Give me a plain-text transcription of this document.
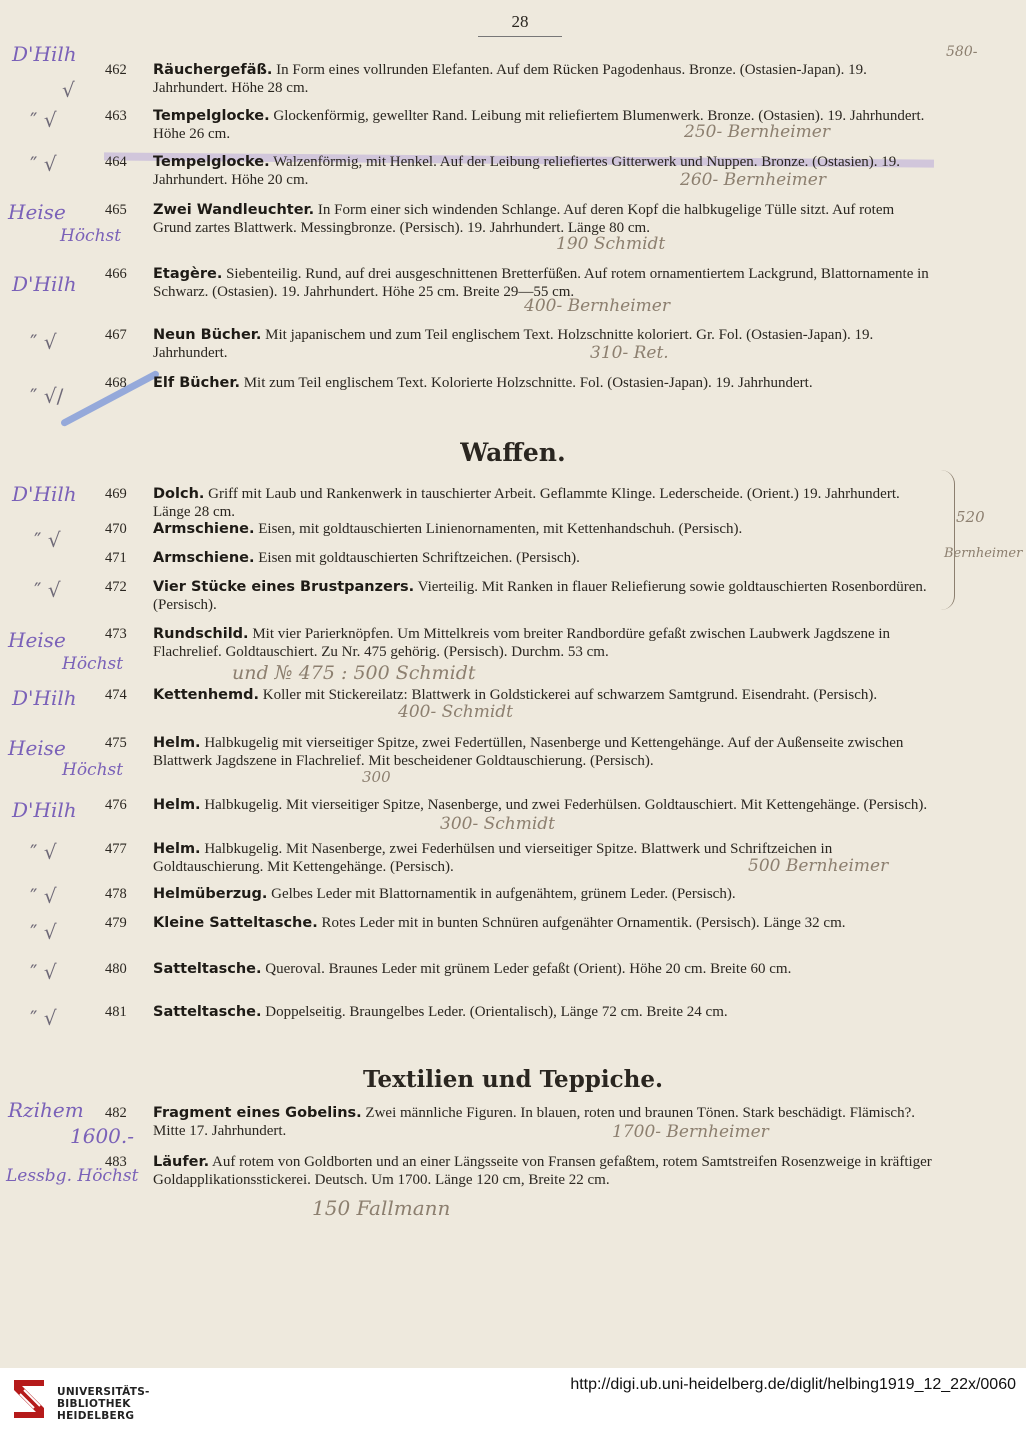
28
D'Hilh
Heise
Höchst
D'Hilh
D'Hilh
Heise
Höchst
D'Hilh
Heise
Höchst
D'Hilh
Rzihem
1600.-
Lessbg. Höchst
√
″ √
″ √
″ √
″ √/
″ √
″ √
″ √
″ √
″ √
″ √
″ √
462	Räuchergefäß. In Form eines vollrunden Elefanten. Auf dem Rücken Pagodenhaus. Bronze. (Ostasien-Japan). 19. Jahrhundert. Höhe 28 cm.
463	Tempelglocke. Glockenförmig, gewellter Rand. Leibung mit reliefiertem Blumenwerk. Bronze. (Ostasien). 19. Jahrhundert. Höhe 26 cm.
464	Tempelglocke. Walzenförmig, mit Henkel. Auf der Leibung reliefiertes Gitterwerk und Nuppen. Bronze. (Ostasien). 19. Jahrhundert. Höhe 20 cm.
465	Zwei Wandleuchter. In Form einer sich windenden Schlange. Auf deren Kopf die halbkugelige Tülle sitzt. Auf rotem Grund zartes Blattwerk. Messingbronze. (Persisch). 19. Jahrhundert. Länge 80 cm.
466	Etagère. Siebenteilig. Rund, auf drei ausgeschnittenen Bretterfüßen. Auf rotem ornamentiertem Lackgrund, Blattornamente in Schwarz. (Ostasien). 19. Jahrhundert. Höhe 25 cm. Breite 29—55 cm.
467	Neun Bücher. Mit japanischem und zum Teil englischem Text. Holzschnitte koloriert. Gr. Fol. (Ostasien-Japan). 19. Jahrhundert.
468	Elf Bücher. Mit zum Teil englischem Text. Kolorierte Holzschnitte. Fol. (Ostasien-Japan). 19. Jahrhundert.
Waffen.
469	Dolch. Griff mit Laub und Rankenwerk in tauschierter Arbeit. Geflammte Klinge. Lederscheide. (Orient.) 19. Jahrhundert. Länge 28 cm.
470	Armschiene. Eisen, mit goldtauschierten Linienornamenten, mit Kettenhandschuh. (Persisch).
471	Armschiene. Eisen mit goldtauschierten Schriftzeichen. (Persisch).
472	Vier Stücke eines Brustpanzers. Vierteilig. Mit Ranken in flauer Reliefierung sowie goldtauschierten Rosenbordüren. (Persisch).
473	Rundschild. Mit vier Parierknöpfen. Um Mittelkreis vom breiter Randbordüre gefaßt zwischen Laubwerk Jagdszene in Flachrelief. Goldtauschiert. Zu Nr. 475 gehörig. (Persisch). Durchm. 53 cm.
474	Kettenhemd. Koller mit Stickereilatz: Blattwerk in Goldstickerei auf schwarzem Samtgrund. Eisendraht. (Persisch).
475	Helm. Halbkugelig mit vierseitiger Spitze, zwei Federtüllen, Nasenberge und Kettengehänge. Auf der Außenseite zwischen Blattwerk Jagdszene in Flachrelief. Mit bescheidener Goldtauschierung. (Persisch).
476	Helm. Halbkugelig. Mit vierseitiger Spitze, Nasenberge, und zwei Federhülsen. Goldtauschiert. Mit Kettengehänge. (Persisch).
477	Helm. Halbkugelig. Mit Nasenberge, zwei Federhülsen und vierseitiger Spitze. Blattwerk und Schriftzeichen in Goldtauschierung. Mit Kettengehänge. (Persisch).
478	Helmüberzug. Gelbes Leder mit Blattornamentik in aufgenähtem, grünem Leder. (Persisch).
479	Kleine Satteltasche. Rotes Leder mit in bunten Schnüren aufgenähter Ornamentik. (Persisch). Länge 32 cm.
480	Satteltasche. Queroval. Braunes Leder mit grünem Leder gefaßt (Orient). Höhe 20 cm. Breite 60 cm.
481	Satteltasche. Doppelseitig. Braungelbes Leder. (Orientalisch), Länge 72 cm. Breite 24 cm.
Textilien und Teppiche.
482	Fragment eines Gobelins. Zwei männliche Figuren. In blauen, roten und braunen Tönen. Stark beschädigt. Flämisch?. Mitte 17. Jahrhundert.
483	Läufer. Auf rotem von Goldborten und an einer Längsseite von Fransen gefaßtem, rotem Samtstreifen Rosenzweige in kräftiger Goldapplikationsstickerei. Deutsch. Um 1700. Länge 120 cm, Breite 22 cm.
580-
250- Bernheimer
260- Bernheimer
190 Schmidt
400- Bernheimer
310- Ret.
520
Bernheimer
und № 475 : 500 Schmidt
400- Schmidt
300
300- Schmidt
500 Bernheimer
1700- Bernheimer
150 Fallmann
UNIVERSITÄTS-
BIBLIOTHEK
HEIDELBERG
http://digi.ub.uni-heidelberg.de/diglit/helbing1919_12_22x/0060
